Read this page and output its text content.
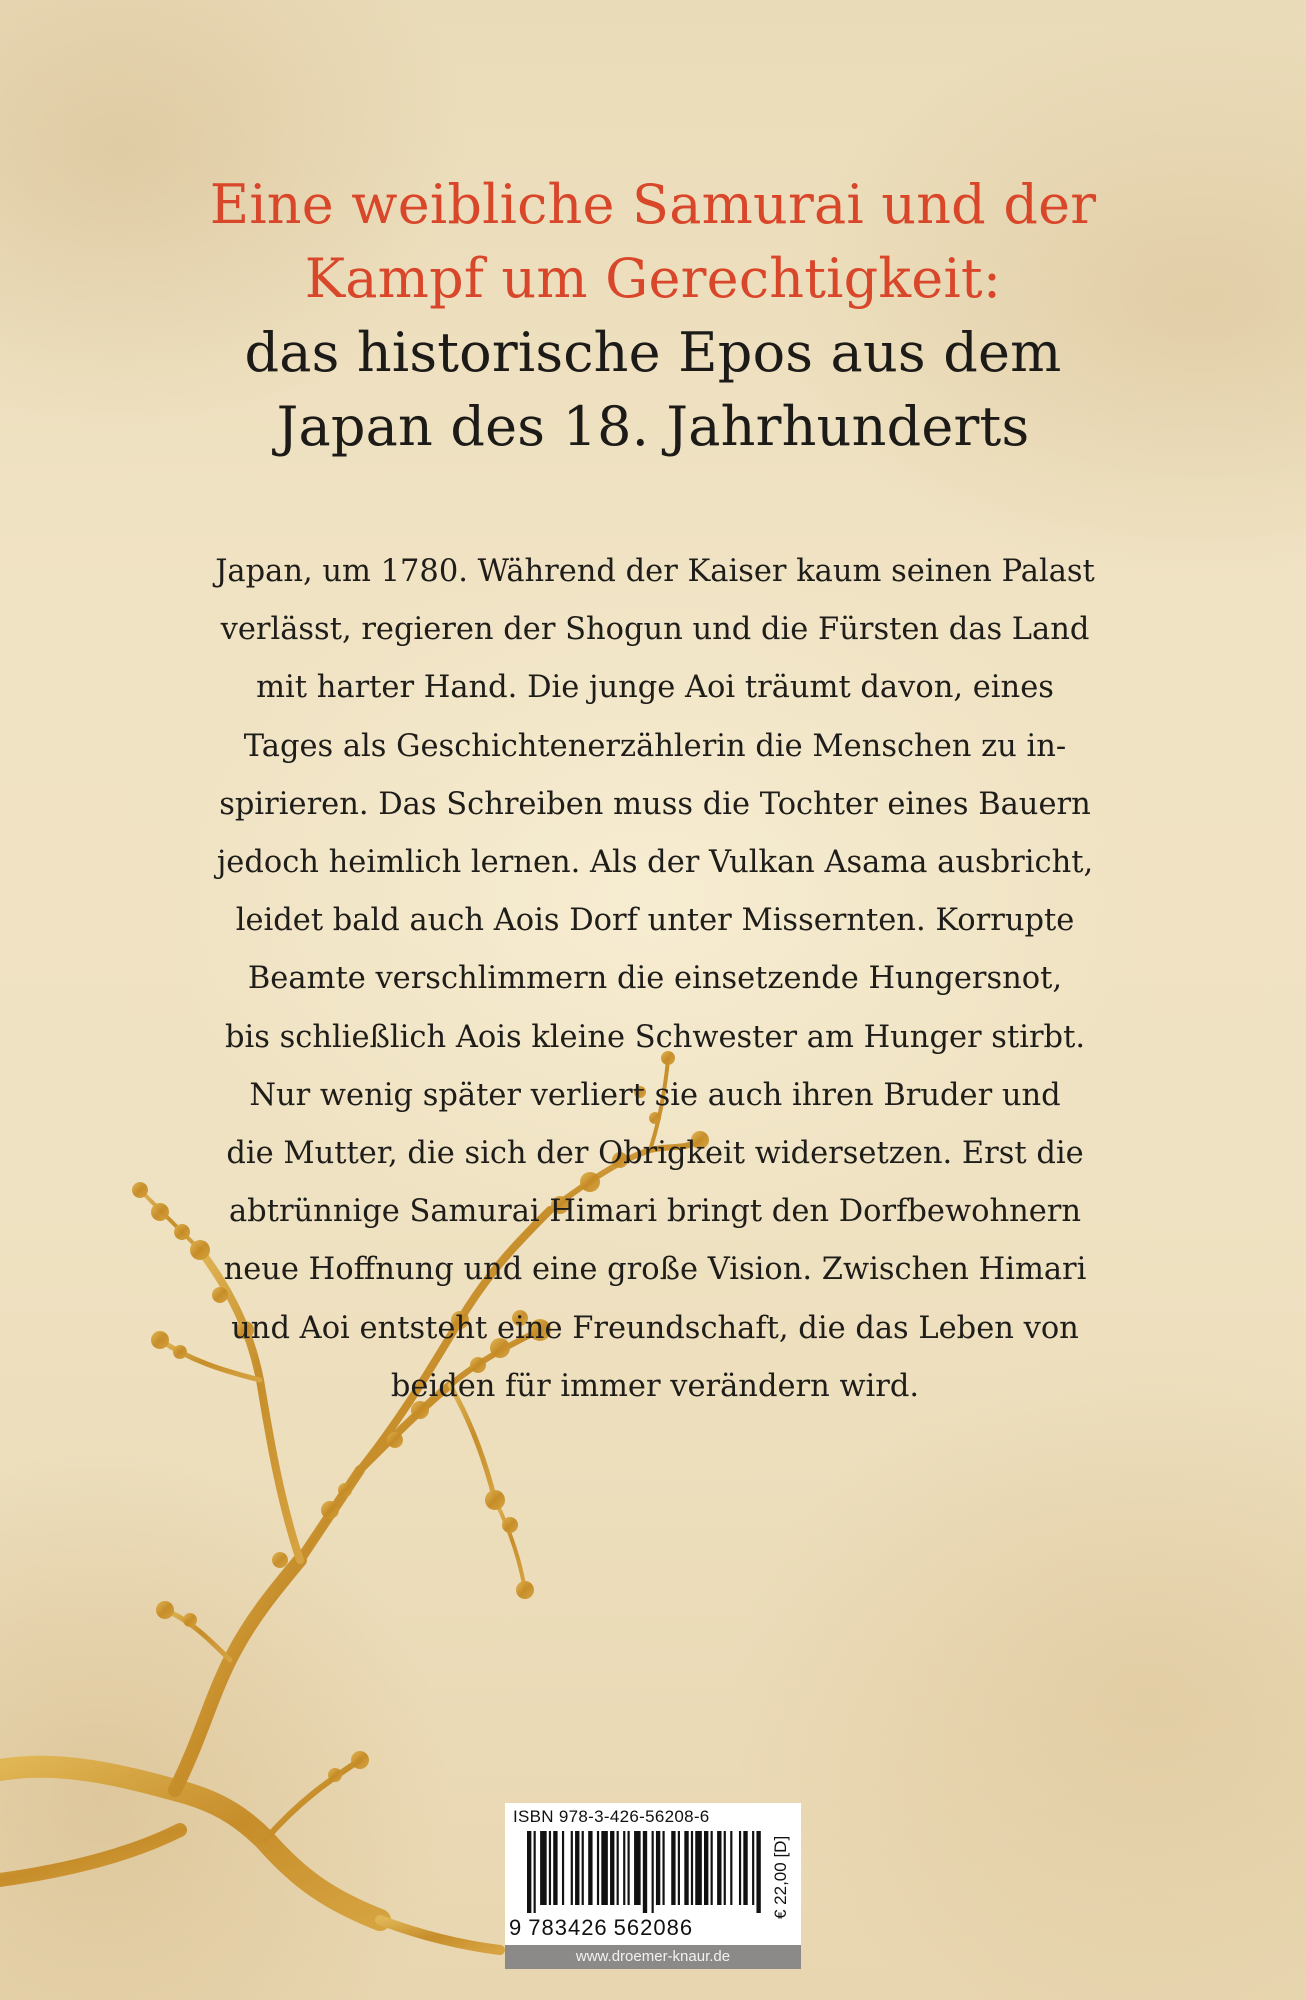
Eine weibliche Samurai und der
Kampf um Gerechtigkeit:
das historische Epos aus dem
Japan des 18. Jahrhunderts
Japan, um 1780. Während der Kaiser kaum seinen Palast
verlässt, regieren der Shogun und die Fürsten das Land
mit harter Hand. Die junge Aoi träumt davon, eines
Tages als Geschichtenerzählerin die Menschen zu in-
spirieren. Das Schreiben muss die Tochter eines Bauern
jedoch heimlich lernen. Als der Vulkan Asama ausbricht,
leidet bald auch Aois Dorf unter Missernten. Korrupte
Beamte verschlimmern die einsetzende Hungersnot,
bis schließlich Aois kleine Schwester am Hunger stirbt.
Nur wenig später verliert sie auch ihren Bruder und
die Mutter, die sich der Obrigkeit widersetzen. Erst die
abtrünnige Samurai Himari bringt den Dorfbewohnern
neue Hoffnung und eine große Vision. Zwischen Himari
und Aoi entsteht eine Freundschaft, die das Leben von
beiden für immer verändern wird.
ISBN 978-3-426-56208-6
9 783426 562086
€ 22,00 [D]
www.droemer-knaur.de
